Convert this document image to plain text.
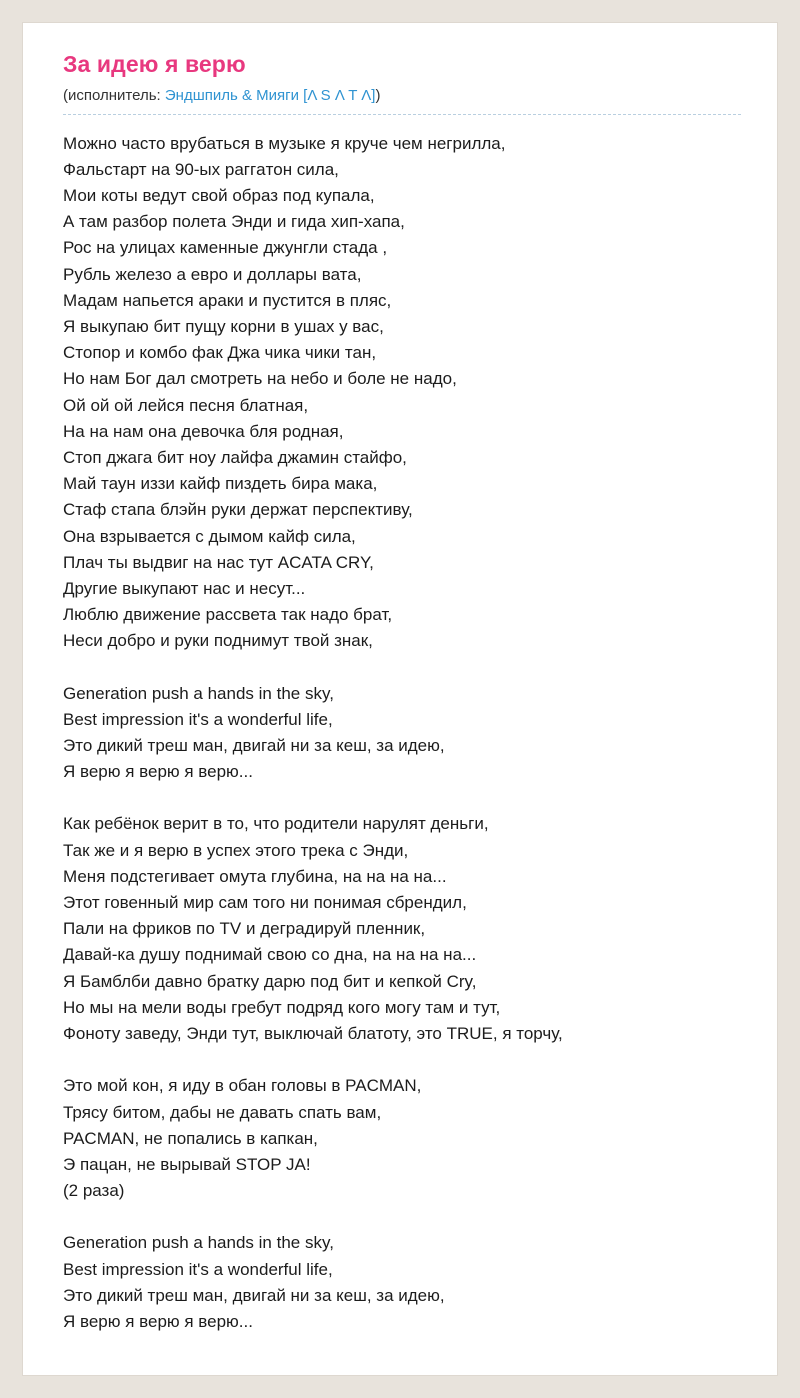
За идею я верю
(исполнитель: Эндшпиль & Мияги [Λ S Λ T Λ])
Можно часто врубаться в музыке я круче чем негрилла,
Фальстарт на 90-ых рaггaтон сила,
Мои коты ведут свой образ под купала,
А там разбор полета Энди и гида хип-хапа,
Рос на улицах каменные джунгли стада ,
Рубль железо а евро и доллары вата,
Мадам напьется араки и пустится в пляс,
Я выкупаю бит пущу корни в ушах у вас,
Стопор и комбо фак Джа чика чики тан,
Но нам Бог дал смотреть на небо и боле не надо,
Ой ой ой лейся песня блатная,
На на нам она девочка бля родная,
Стоп джага бит ноу лайфа джамин стайфо,
Май таун иззи кайф пиздеть бира мака,
Стаф стапа блэйн руки держат перспективу,
Она взрывается с дымом кайф сила,
Плач ты выдвиг на нас тут ACATA CRY,
Другие выкупают нас и несут...
Люблю движение рассвета так надо брат,
Неси добро и руки поднимут твой знак,

Generation push a hands in the sky,
Best impression it's a wonderful life,
Это дикий треш ман, двигай ни за кеш, за идею,
Я верю я верю я верю...

Как ребёнок верит в то, что родители нарулят деньги,
Так же и я верю в успех этого трека с Энди,
Меня подстегивает омута глубина, на на на на...
Этот говенный мир сам того ни понимая сбрендил,
Пали на фриков по TV и деградируй пленник,
Давай-ка душу поднимай свою со дна, на на на на...
Я Бамблби давно братку дарю под бит и кепкой Cry,
Но мы на мели воды гребут подряд кого могу там и тут,
Фоноту заведу, Энди тут, выключай блатоту, это TRUE, я торчу,

Это мой кон, я иду в обан головы в PACMAN,
Трясу битом, дабы не давать спать вам,
PACMAN, не попались в капкан,
Э пацан, не вырывай STOP JA!
(2 раза)

Generation push a hands in the sky,
Best impression it's a wonderful life,
Это дикий треш ман, двигай ни за кеш, за идею,
Я верю я верю я верю...
